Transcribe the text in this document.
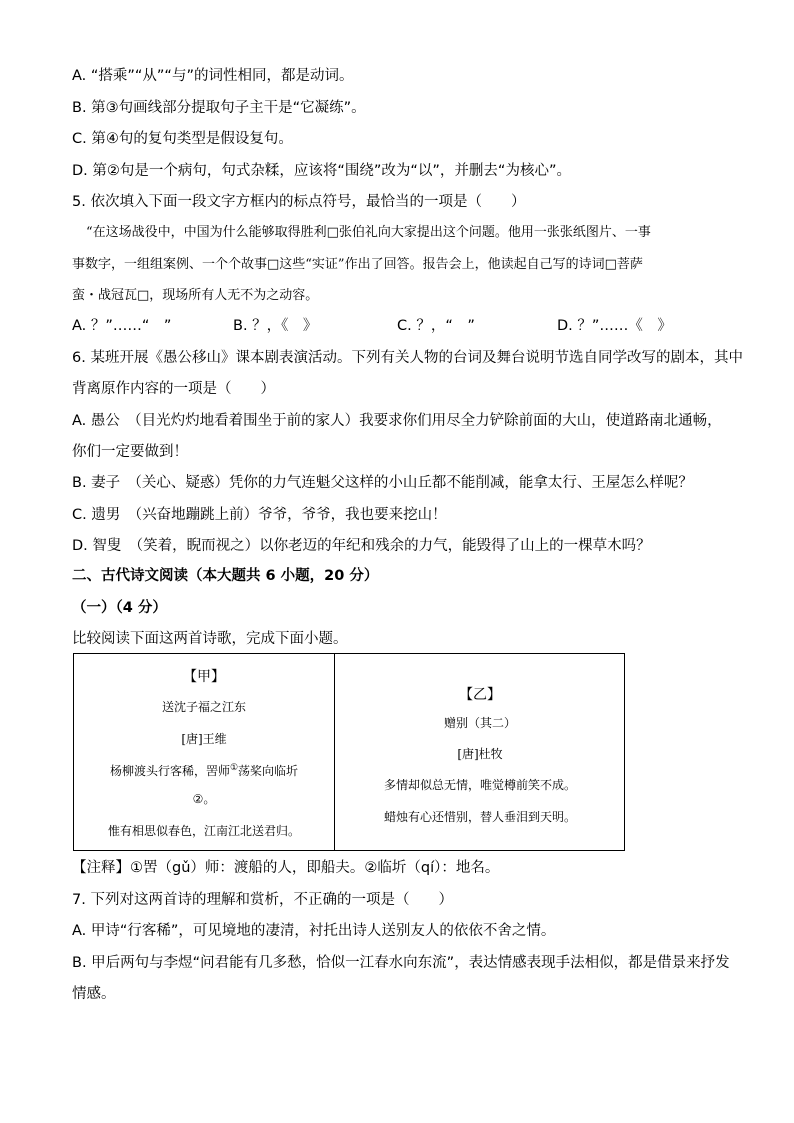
A. “搭乘”“从”“与”的词性相同，都是动词。
B. 第③句画线部分提取句子主干是“它凝练”。
C. 第④句的复句类型是假设复句。
D. 第②句是一个病句，句式杂糅，应该将“围绕”改为“以”，并删去“为核心”。
5. 依次填入下面一段文字方框内的标点符号，最恰当的一项是（　　）
“在这场战役中，中国为什么能够取得胜利□张伯礼向大家提出这个问题。他用一张张纸图片、一事
事数字，一组组案例、一个个故事□这些“实证”作出了回答。报告会上，他读起自己写的诗词□菩萨
蛮・战冠瓦□，现场所有人无不为之动容。
A. ？”……“　”	B. ？，《　》	C. ？，“　”	D. ？”……《　》
6. 某班开展《愚公移山》课本剧表演活动。下列有关人物的台词及舞台说明节选自同学改写的剧本，其中
背离原作内容的一项是（　　）
A. 愚公　（目光灼灼地看着围坐于前的家人）我要求你们用尽全力铲除前面的大山，使道路南北通畅，
你们一定要做到！
B. 妻子　（关心、疑惑）凭你的力气连魁父这样的小山丘都不能削减，能拿太行、王屋怎么样呢？
C. 遗男　（兴奋地蹦跳上前）爷爷，爷爷，我也要来挖山！
D. 智叟　（笑着，睨而视之）以你老迈的年纪和残余的力气，能毁得了山上的一棵草木吗？
二、古代诗文阅读（本大题共 6 小题，20 分）
（一）（4 分）
比较阅读下面这两首诗歌，完成下面小题。
【甲】
送沈子福之江东
[唐]王维
杨柳渡头行客稀，罟师①荡桨向临圻
②。
惟有相思似春色，江南江北送君归。
【乙】
赠别（其二）
[唐]杜牧
多情却似总无情，唯觉樽前笑不成。
蜡烛有心还惜别，替人垂泪到天明。
【注释】①罟（gǔ）师：渡船的人，即船夫。②临圻（qí）：地名。
7. 下列对这两首诗的理解和赏析，不正确的一项是（　　）
A. 甲诗“行客稀”，可见境地的凄清，衬托出诗人送别友人的依依不舍之情。
B. 甲后两句与李煜“问君能有几多愁，恰似一江春水向东流”，表达情感表现手法相似，都是借景来抒发
情感。
